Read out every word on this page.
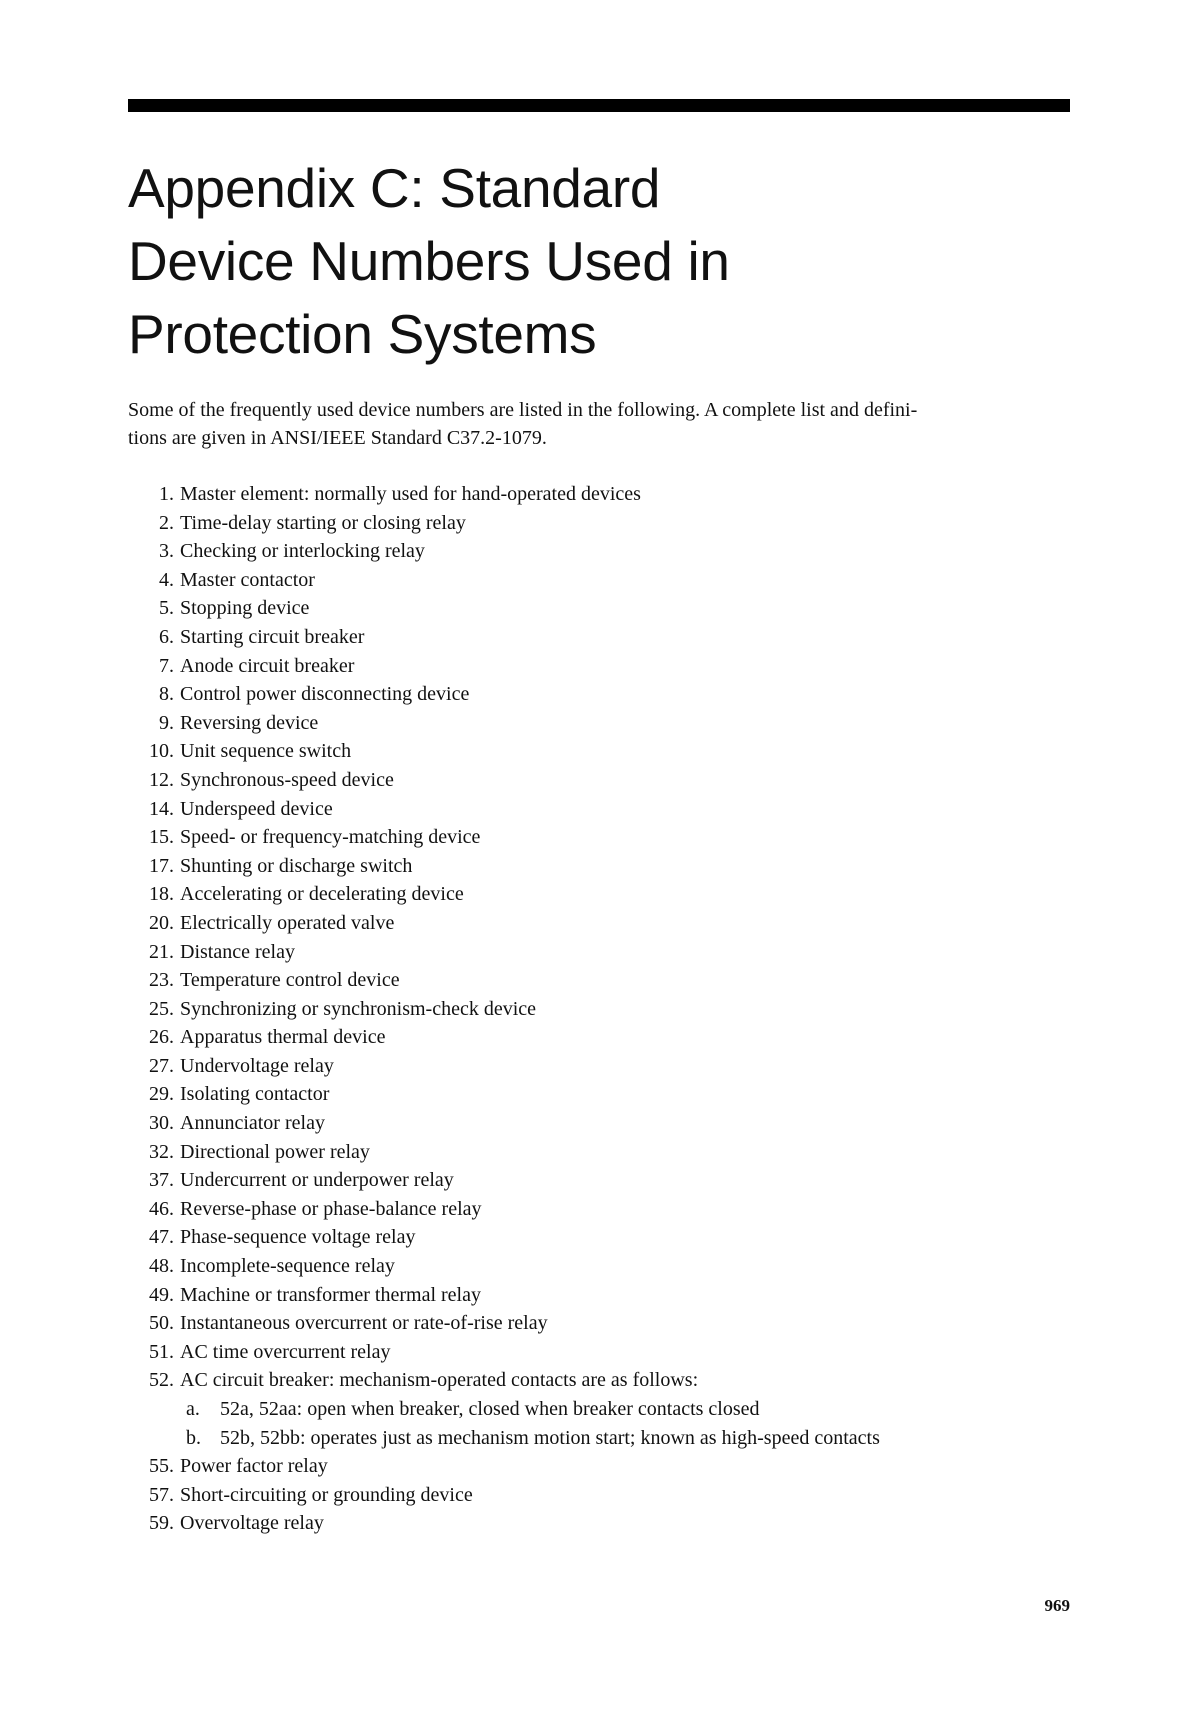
Appendix C: Standard
Device Numbers Used in
Protection Systems

Some of the frequently used device numbers are listed in the following. A complete list and defini-
tions are given in ANSI/IEEE Standard C37.2-1079.

1. Master element: normally used for hand-operated devices
2. Time-delay starting or closing relay
3. Checking or interlocking relay
4. Master contactor
5. Stopping device
6. Starting circuit breaker
7. Anode circuit breaker
8. Control power disconnecting device
9. Reversing device
10. Unit sequence switch
12. Synchronous-speed device
14. Underspeed device
15. Speed- or frequency-matching device
17. Shunting or discharge switch
18. Accelerating or decelerating device
20. Electrically operated valve
21. Distance relay
23. Temperature control device
25. Synchronizing or synchronism-check device
26. Apparatus thermal device
27. Undervoltage relay
29. Isolating contactor
30. Annunciator relay
32. Directional power relay
37. Undercurrent or underpower relay
46. Reverse-phase or phase-balance relay
47. Phase-sequence voltage relay
48. Incomplete-sequence relay
49. Machine or transformer thermal relay
50. Instantaneous overcurrent or rate-of-rise relay
51. AC time overcurrent relay
52. AC circuit breaker: mechanism-operated contacts are as follows:
a.	52a, 52aa: open when breaker, closed when breaker contacts closed
b. 52b, 52bb: operates just as mechanism motion start; known as high-speed contacts
55. Power factor relay
57. Short-circuiting or grounding device
59. Overvoltage relay
969
